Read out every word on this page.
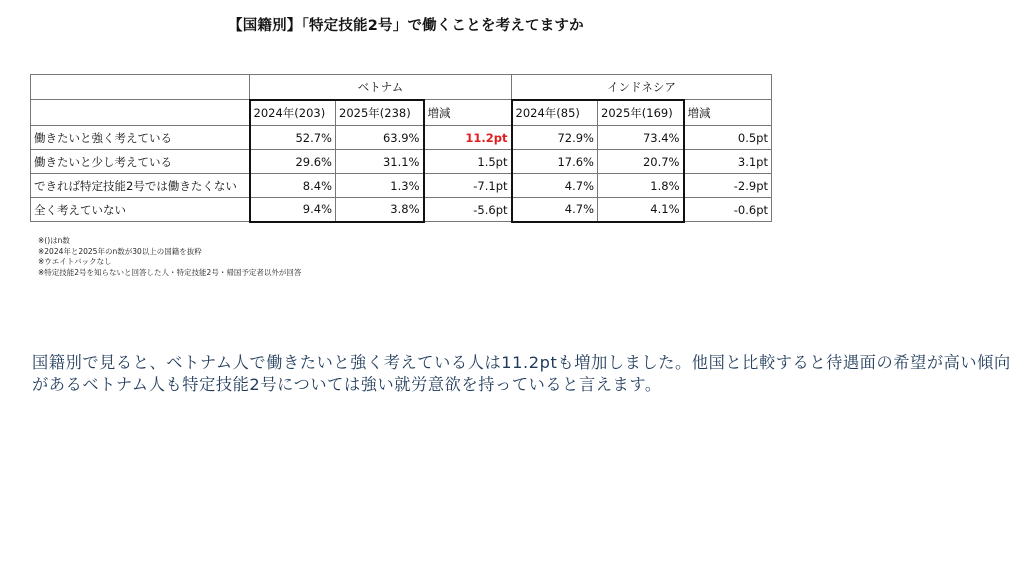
【国籍別】「特定技能2号」で働くことを考えてますか
	ベトナム			インドネシア		
	2024年(203)	2025年(238)	増減	2024年(85)	2025年(169)	増減
働きたいと強く考えている	52.7%	63.9%	11.2pt	72.9%	73.4%	0.5pt
働きたいと少し考えている	29.6%	31.1%	1.5pt	17.6%	20.7%	3.1pt
できれば特定技能2号では働きたくない	8.4%	1.3%	-7.1pt	4.7%	1.8%	-2.9pt
全く考えていない	9.4%	3.8%	-5.6pt	4.7%	4.1%	-0.6pt
※()はn数
※2024年と2025年のn数が30以上の国籍を抜粋
※ウエイトバックなし
※特定技能2号を知らないと回答した人・特定技能2号・帰国予定者以外が回答
国籍別で見ると、ベトナム人で働きたいと強く考えている人は11.2ptも増加しました。他国と比較すると待遇面の希望が高い傾向があるベトナム人も特定技能2号については強い就労意欲を持っていると言えます。
